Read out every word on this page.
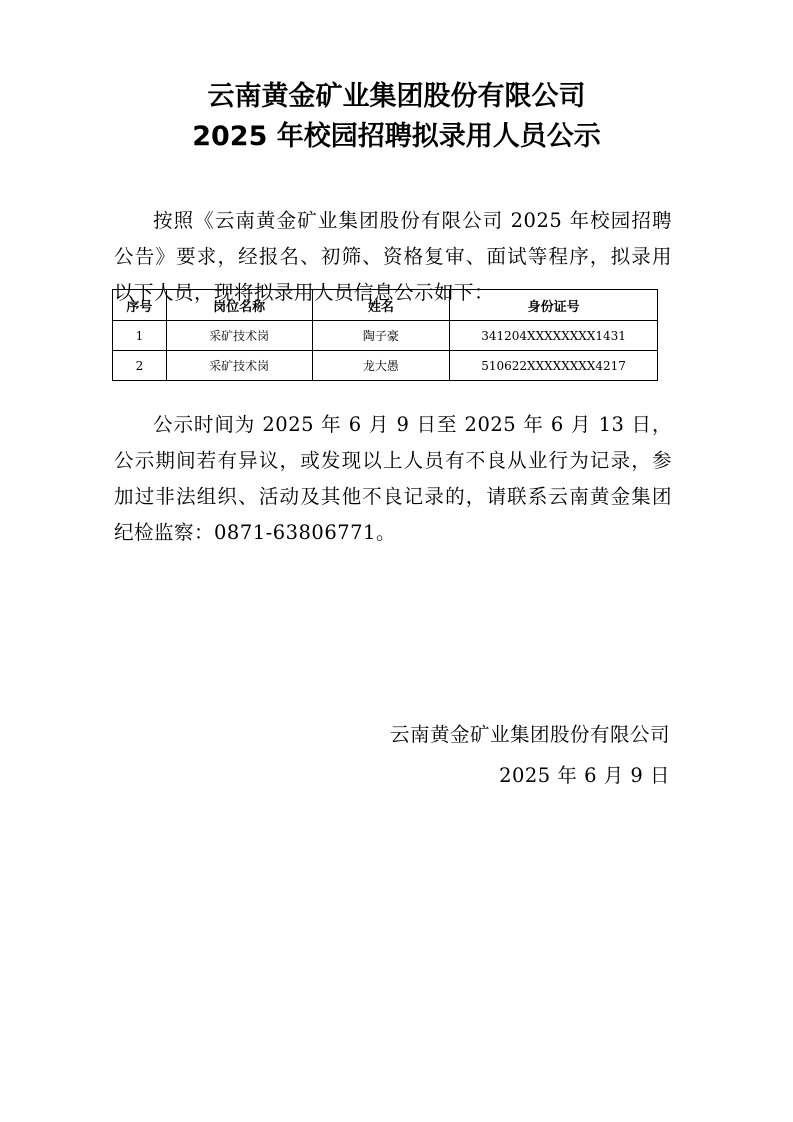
云南黄金矿业集团股份有限公司
2025 年校园招聘拟录用人员公示

按照《云南黄金矿业集团股份有限公司 2025 年校园招聘公告》要求，经报名、初筛、资格复审、面试等程序，拟录用以下人员，现将拟录用人员信息公示如下：

序号	岗位名称	姓名	身份证号
1	采矿技术岗	陶子豪	341204XXXXXXXX1431
2	采矿技术岗	龙大愚	510622XXXXXXXX4217

公示时间为 2025 年 6 月 9 日至 2025 年 6 月 13 日，公示期间若有异议，或发现以上人员有不良从业行为记录，参加过非法组织、活动及其他不良记录的，请联系云南黄金集团纪检监察：0871-63806771。

云南黄金矿业集团股份有限公司
2025 年 6 月 9 日
